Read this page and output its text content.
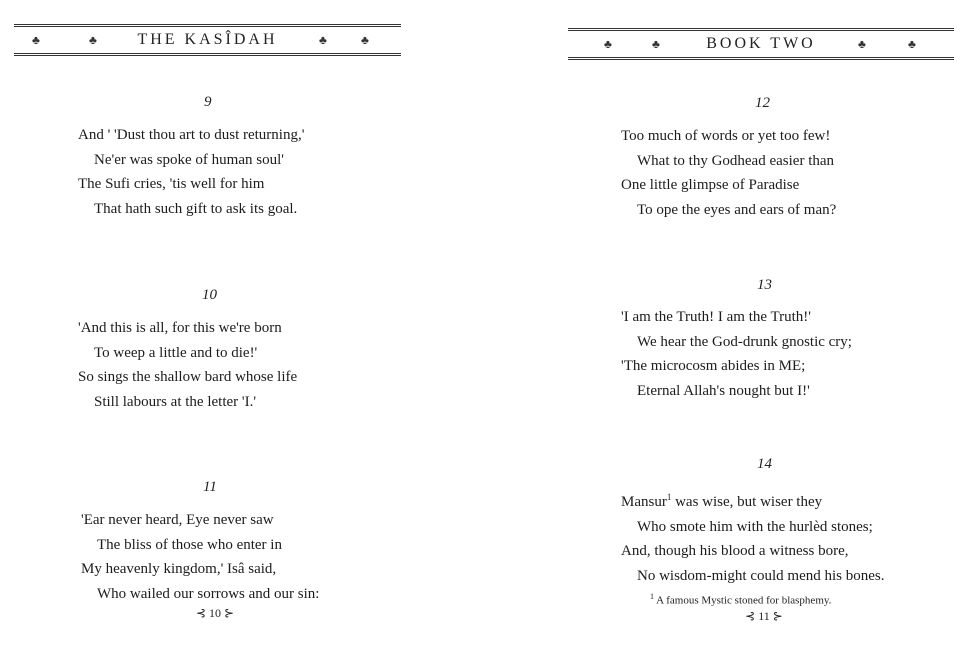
♣	♣	THE KASÎDAH	♣	♣
9
And ' 'Dust thou art to dust returning,'
Ne'er was spoke of human soul'
The Sufi cries, 'tis well for him
That hath such gift to ask its goal.
10
'And this is all, for this we're born
To weep a little and to die!'
So sings the shallow bard whose life
Still labours at the letter 'I.'
11
'Ear never heard, Eye never saw
The bliss of those who enter in
My heavenly kingdom,' Isâ said,
Who wailed our sorrows and our sin:
⊰ 10 ⊱
♣	♣	BOOK TWO	♣	♣
12
Too much of words or yet too few!
What to thy Godhead easier than
One little glimpse of Paradise
To ope the eyes and ears of man?
13
'I am the Truth! I am the Truth!'
We hear the God-drunk gnostic cry;
'The microcosm abides in ME;
Eternal Allah's nought but I!'
14
Mansur$^1$ was wise, but wiser they
Who smote him with the hurlèd stones;
And, though his blood a witness bore,
No wisdom-might could mend his bones.
$^1$ A famous Mystic stoned for blasphemy.
⊰ 11 ⊱
